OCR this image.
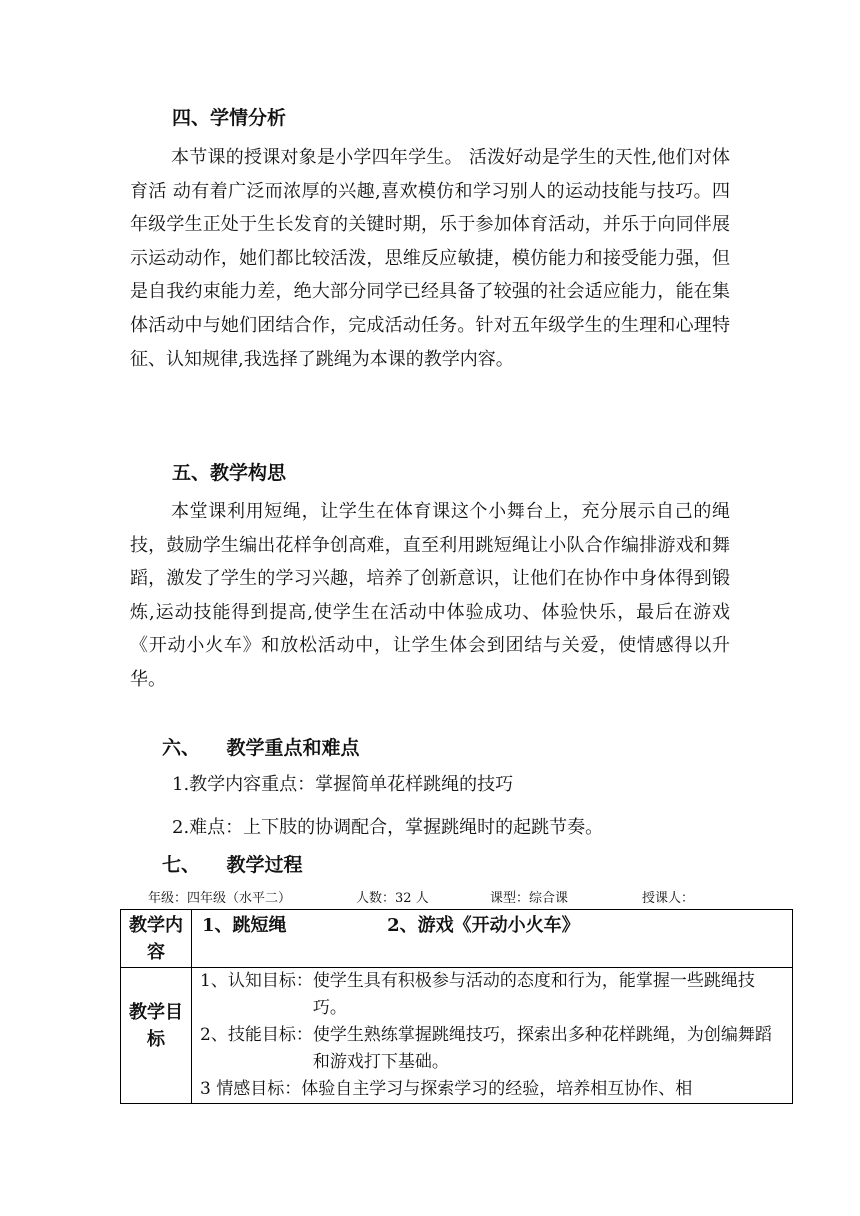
四、学情分析
本节课的授课对象是小学四年学生。 活泼好动是学生的天性,他们对体育活 动有着广泛而浓厚的兴趣,喜欢模仿和学习别人的运动技能与技巧。四年级学生正处于生长发育的关键时期，乐于参加体育活动，并乐于向同伴展示运动动作，她们都比较活泼，思维反应敏捷，模仿能力和接受能力强，但是自我约束能力差，绝大部分同学已经具备了较强的社会适应能力，能在集体活动中与她们团结合作，完成活动任务。针对五年级学生的生理和心理特征、认知规律,我选择了跳绳为本课的教学内容。
五、教学构思
本堂课利用短绳，让学生在体育课这个小舞台上，充分展示自己的绳技，鼓励学生编出花样争创高难，直至利用跳短绳让小队合作编排游戏和舞蹈，激发了学生的学习兴趣，培养了创新意识，让他们在协作中身体得到锻炼,运动技能得到提高,使学生在活动中体验成功、体验快乐，最后在游戏《开动小火车》和放松活动中，让学生体会到团结与关爱，使情感得以升华。
六、    教学重点和难点
1.教学内容重点：掌握简单花样跳绳的技巧
2.难点：上下肢的协调配合，掌握跳绳时的起跳节奏。
七、    教学过程
年级：四年级（水平二）	人数：32 人	课型：综合课	授课人：
教学内容	1、跳短绳 2、游戏《开动小火车》

教学目标	1、认知目标： 使学生具有积极参与活动的态度和行为，能掌握一些跳绳技巧。
2、技能目标： 使学生熟练掌握跳绳技巧，探索出多种花样跳绳，为创编舞蹈和游戏打下基础。
3 情感目标：体验自主学习与探索学习的经验，培养相互协作、相
